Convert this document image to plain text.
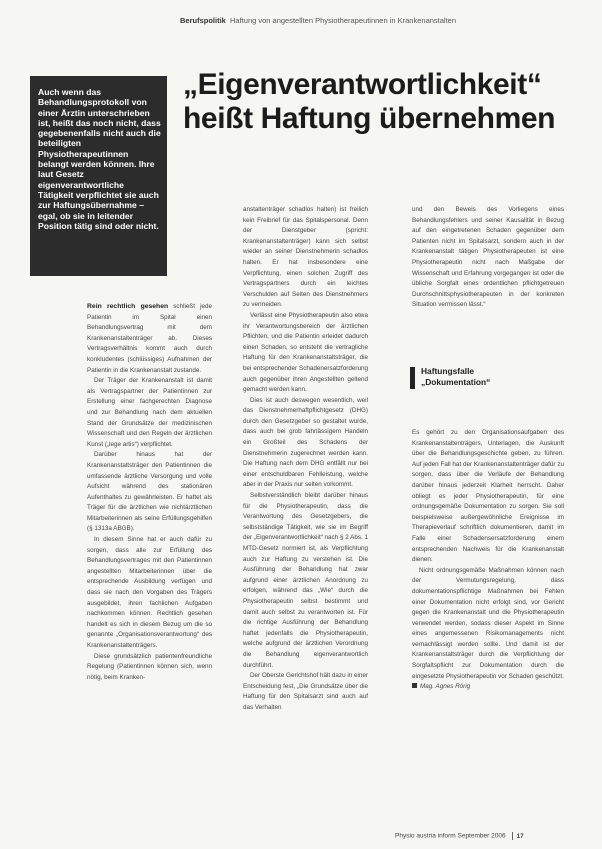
Berufspolitik Haftung von angestellten Physiotherapeutinnen in Krankenanstalten
„Eigenverantwortlichkeit“
heißt Haftung übernehmen
Auch wenn das Behandlungsprotokoll von einer Ärztin unterschrieben ist, heißt das noch nicht, dass gegebenenfalls nicht auch die beteiligten Physiotherapeutinnen belangt werden können. Ihre laut Gesetz eigenverantwortliche Tätigkeit verpflichtet sie auch zur Haftungsübernahme – egal, ob sie in leitender Position tätig sind oder nicht.

Rein rechtlich gesehen schließt jede Patientin im Spital einen Behandlungsvertrag mit dem Krankenanstaltenträger ab. Dieses Vertragsverhältnis kommt auch durch konkludentes (schlüssiges) Aufnahmen der Patientin in die Krankenanstalt zustande.

Der Träger der Krankenanstalt ist damit als Vertragspartner der Patientinnen zur Erstellung einer fachgerechten Diagnose und zur Behandlung nach dem aktuellen Stand der Grundsätze der medizinischen Wissenschaft und den Regeln der ärztlichen Kunst („lege artis“) verpflichtet.

Darüber hinaus hat der Krankenanstaltsträger den Patientinnen die umfassende ärztliche Versorgung und volle Aufsicht während des stationären Aufenthaltes zu gewährleisten. Er haftet als Träger für die ärztlichen wie nichtärztlichen Mitarbeiterinnen als seine Erfüllungsgehilfen (§ 1313a ABGB).

In diesem Sinne hat er auch dafür zu sorgen, dass alle zur Erfüllung des Behandlungsvertrages mit den Patientinnen angestellten Mitarbeiterinnen über die entsprechende Ausbildung verfügen und dass sie nach den Vorgaben des Trägers ausgebildet, ihren fachlichen Aufgaben nachkommen können. Rechtlich gesehen handelt es sich in diesem Bezug um die so genannte „Organisationsverantwortung“ des Krankenanstaltenträgers.

Diese grundsätzlich patientenfreundliche Regelung (Patientinnen können sich, wenn nötig, beim Kranken-

anstaltenträger schadlos halten) ist freilich kein Freibrief für das Spitalspersonal. Denn der Dienstgeber (spricht: Krankenanstaltenträger) kann sich selbst wieder an seiner Dienstnehmerin schadlos halten. Er hat insbesondere eine Verpflichtung, einen solchen Zugriff des Vertragspartners durch ein leichtes Verschulden auf Seiten des Dienstnehmers zu vermeiden.

Verlässt eine Physiotherapeutin also etwa ihr Verantwortungsbereich der ärztlichen Pflichten, und die Patientin erleidet dadurch einen Schaden, so entsteht die vertragliche Haftung für den Krankenanstaltsträger, die bei entsprechender Schadenersatzforderung auch gegenüber ihren Angestellten geltend gemacht werden kann.

Dies ist auch deswegen wesentlich, weil das Dienstnehmerhaftpflichtgesetz (DHG) durch den Gesetzgeber so gestaltet wurde, dass auch bei grob fahrlässigem Handeln ein Großteil des Schadens der Dienstnehmerin zugerechnet werden kann. Die Haftung nach dem DHG entfällt nur bei einer entschuldbaren Fehlleistung, welche aber in der Praxis nur selten vorkommt.

Selbstverständlich bleibt darüber hinaus für die Physiotherapeutin, dass die Verantwortung des Gesetzgebers, die selbstständige Tätigkeit, wie sie im Begriff der „Eigenverantwortlichkeit“ nach § 2 Abs. 1 MTD-Gesetz normiert ist, als Verpflichtung auch zur Haftung zu verstehen ist. Die Ausführung der Behandlung hat zwar aufgrund einer ärztlichen Anordnung zu erfolgen, während das „Wie“ durch die Physiotherapeutin selbst bestimmt und damit auch selbst zu verantworten ist. Für die richtige Ausführung der Behandlung haftet jedenfalls die Physiotherapeutin, welche aufgrund der ärztlichen Verordnung die Behandlung eigenverantwortlich durchführt.

Der Oberste Gerichtshof hält dazu in einer Entscheidung fest, „Die Grundsätze über die Haftung für den Spitalsarzt sind auch auf das Verhalten

und den Beweis des Vorliegens eines Behandlungsfehlers und seiner Kausalität in Bezug auf den eingetretenen Schaden gegenüber dem Patienten nicht im Spitalsarzt, sondern auch in der Krankenanstalt tätigen Physiotherapeuten ist eine Physiotherapeutin nicht nach Maßgabe der Wissenschaft und Erfahrung vorgegangen ist oder die übliche Sorgfalt eines ordentlichen pflichtgetreuen Durchschnittsphysiotherapeuten in der konkreten Situation vermissen lässt.“

Haftungsfalle „Dokumentation“

Es gehört zu den Organisationsaufgaben des Krankenanstaltenträgers, Unterlagen, die Auskunft über die Behandlungsgeschichte geben, zu führen. Auf jeden Fall hat der Krankenanstaltenträger dafür zu sorgen, dass über die Verläufe der Behandlung darüber hinaus jederzeit Klarheit herrscht. Daher obliegt es jeder Physiotherapeutin, für eine ordnungsgemäße Dokumentation zu sorgen. Sie soll beispielsweise außergewöhnliche Ereignisse im Therapieverlauf schriftlich dokumentieren, damit im Falle einer Schadensersatzforderung einem entsprechenden Nachweis für die Krankenanstalt dienen.

Nicht ordnungsgemäße Maßnahmen können nach der Vermutungsregelung, dass dokumentationspflichtige Maßnahmen bei Fehlen einer Dokumentation nicht erfolgt sind, vor Gericht gegen die Krankenanstalt und die Physiotherapeutin verwendet werden, sodass dieser Aspekt im Sinne eines angemessenen Risikomanagements nicht vernachlässigt werden sollte. Und damit ist der Krankenanstaltsträger durch die Verpflichtung der Sorgfaltspflicht zur Dokumentation durch die eingesetzte Physiotherapeutin vor Schaden geschützt.

Mag. Agnes Rörig

Physio austria inform September 2006 17
